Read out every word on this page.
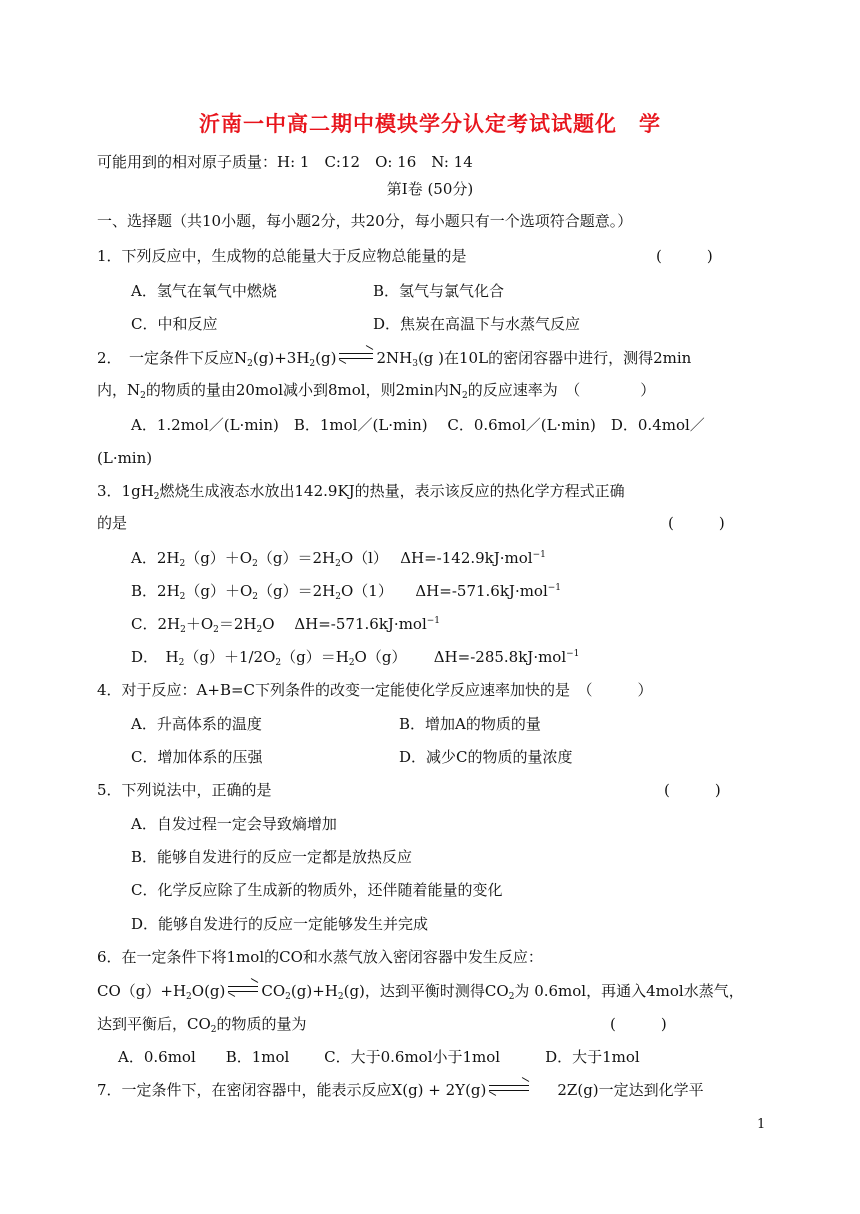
沂南一中高二期中模块学分认定考试试题化　学
可能用到的相对原子质量：H: 1　C:12　O: 16　N: 14
第Ⅰ卷 (50分)
一、选择题（共10小题，每小题2分，共20分，每小题只有一个选项符合题意。）
1．下列反应中，生成物的总能量大于反应物总能量的是	(　　　)
A．氢气在氧气中燃烧	B．氢气与氯气化合
C．中和反应	D．焦炭在高温下与水蒸气反应
2．　一定条件下反应$N_2(g)+3H_2(g)$	$2NH_3(g$ )在10L的密闭容器中进行，测得2min
内，$N_2$的物质的量由20mol减小到8mol，则2min内$N_2$的反应速率为　（　　　　）
A．1.2mol／(L·min)　B．1mol／(L·min)　 C．0.6mol／(L·min)　D．0.4mol／
(L·min)
3．$1gH_2$燃烧生成液态水放出142.9KJ的热量，表示该反应的热化学方程式正确
的是	(　　　)
A．$2H_2(g)+O_2(g)=2H_2O(l)$　 ΔH=-142.9kJ·mol$^{-1}$
B．$2H_2(g)+O_2(g)=2H_2O(1)$　　ΔH=-571.6kJ·mol$^{-1}$
C．$2H_2+O_2=2H_2O$　 ΔH=-571.6kJ·mol$^{-1}$
D．　$H_2(g)+1/2O_2(g)=H_2O(g)$　　 ΔH=-285.8kJ·mol$^{-1}$
4．对于反应：A+B=C下列条件的改变一定能使化学反应速率加快的是　（　　　）
A．升高体系的温度	B．增加A的物质的量
C．增加体系的压强	D．减少C的物质的量浓度
5．下列说法中，正确的是	(　　　)
A．自发过程一定会导致熵增加
B．能够自发进行的反应一定都是放热反应
C．化学反应除了生成新的物质外，还伴随着能量的变化
D．能够自发进行的反应一定能够发生并完成
6．在一定条件下将1mol的CO和水蒸气放入密闭容器中发生反应：
$CO(g)+H_2O(g)$ $CO_2(g)+H_2(g)$，达到平衡时测得$CO_2$为 0.6mol，再通入4mol水蒸气，
达到平衡后，$CO_2$的物质的量为	(　　　)
A．0.6mol　　B．1mol　　 C．大于0.6mol小于1mol　　　D．大于1mol
7．一定条件下，在密闭容器中，能表示反应X(g) + 2Y(g)	2Z(g)一定达到化学平
1
